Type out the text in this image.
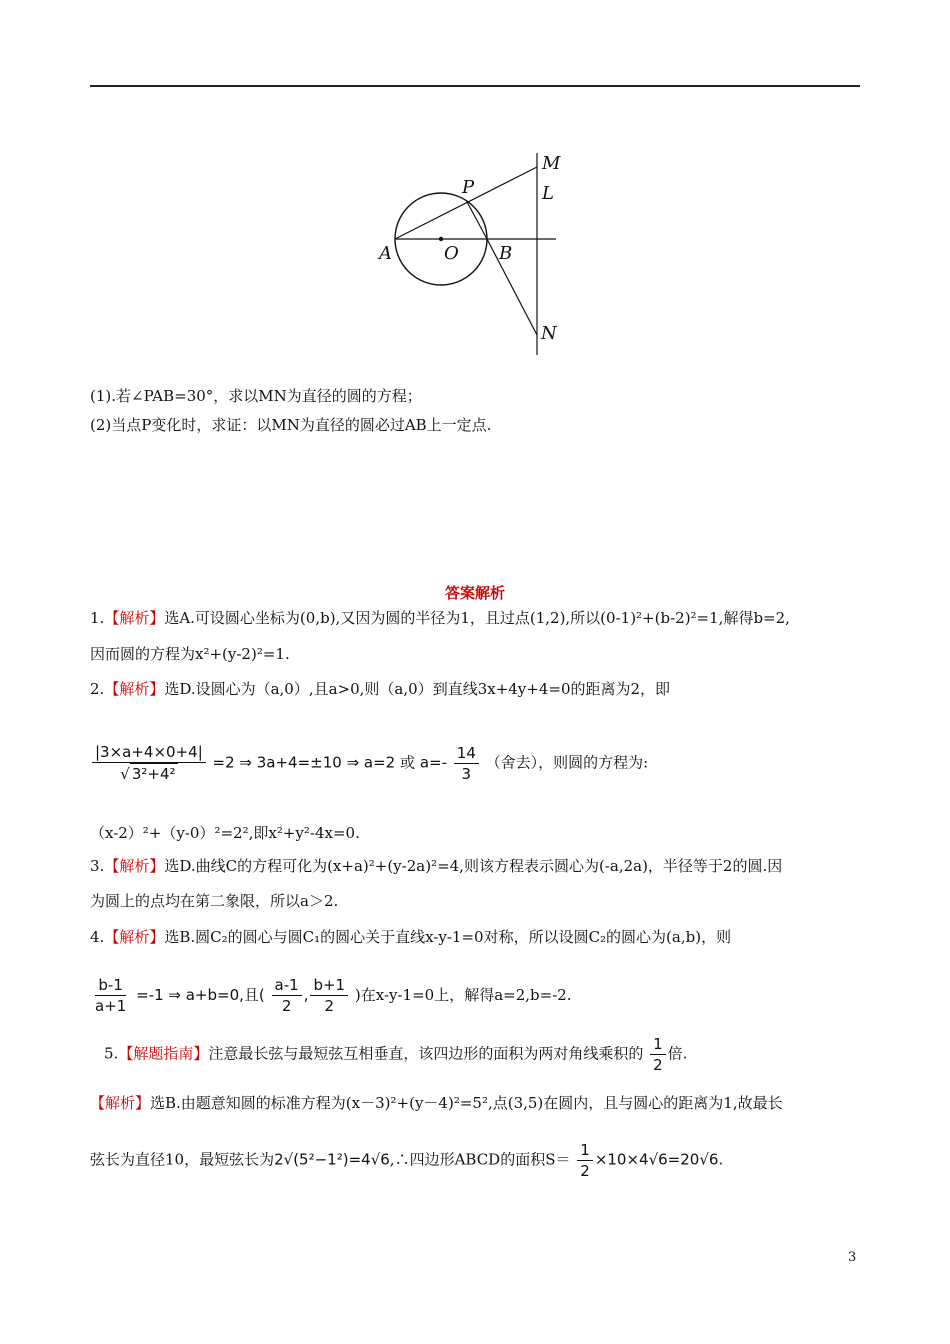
M
L
P
A	O B
N
(1).若∠PAB=30°，求以MN为直径的圆的方程；
(2)当点P变化时，求证：以MN为直径的圆必过AB上一定点.
答案解析
1.【解析】选A.可设圆心坐标为(0,b),又因为圆的半径为1，且过点(1,2),所以(0-1)²+(b-2)²=1,解得b=2,
因而圆的方程为x²+(y-2)²=1.
2.【解析】选D.设圆心为（a,0）,且a>0,则（a,0）到直线3x+4y+4=0的距离为2，即
$\frac{|3\times a+4\times 0+4|}{\text{√ 3²+4²}} =2$ ⇒ 3a+4=±10 ⇒ a=2 或 $a=- \frac{14}{3}$ （舍去），则圆的方程为:
（x-2）²+（y-0）²=2²,即x²+y²-4x=0.
3.【解析】选D.曲线C的方程可化为(x+a)²+(y-2a)²=4,则该方程表示圆心为(-a,2a)，半径等于2的圆.因
为圆上的点均在第二象限，所以a＞2.
4.【解析】选B.圆C₂的圆心与圆C₁的圆心关于直线x-y-1=0对称，所以设圆C₂的圆心为(a,b)，则
$\frac{b-1}{a+1} =-1$ ⇒ a+b=0,且( $\frac{a-1}{2}$ , $\frac{b+1}{2}$ )在x-y-1=0上，解得a=2,b=-2.
5.【解题指南】注意最长弦与最短弦互相垂直，该四边形的面积为两对角线乘积的 $\frac{1}{2}$ 倍.
【解析】选B.由题意知圆的标准方程为(x－3)²+(y－4)²=5²,点(3,5)在圆内，且与圆心的距离为1,故最长
弦长为直径10，最短弦长为2√(5²−1²)=4√6,∴四边形ABCD的面积$S= \frac{1}{2} \times 10\times 4√6=20√6$.
3
